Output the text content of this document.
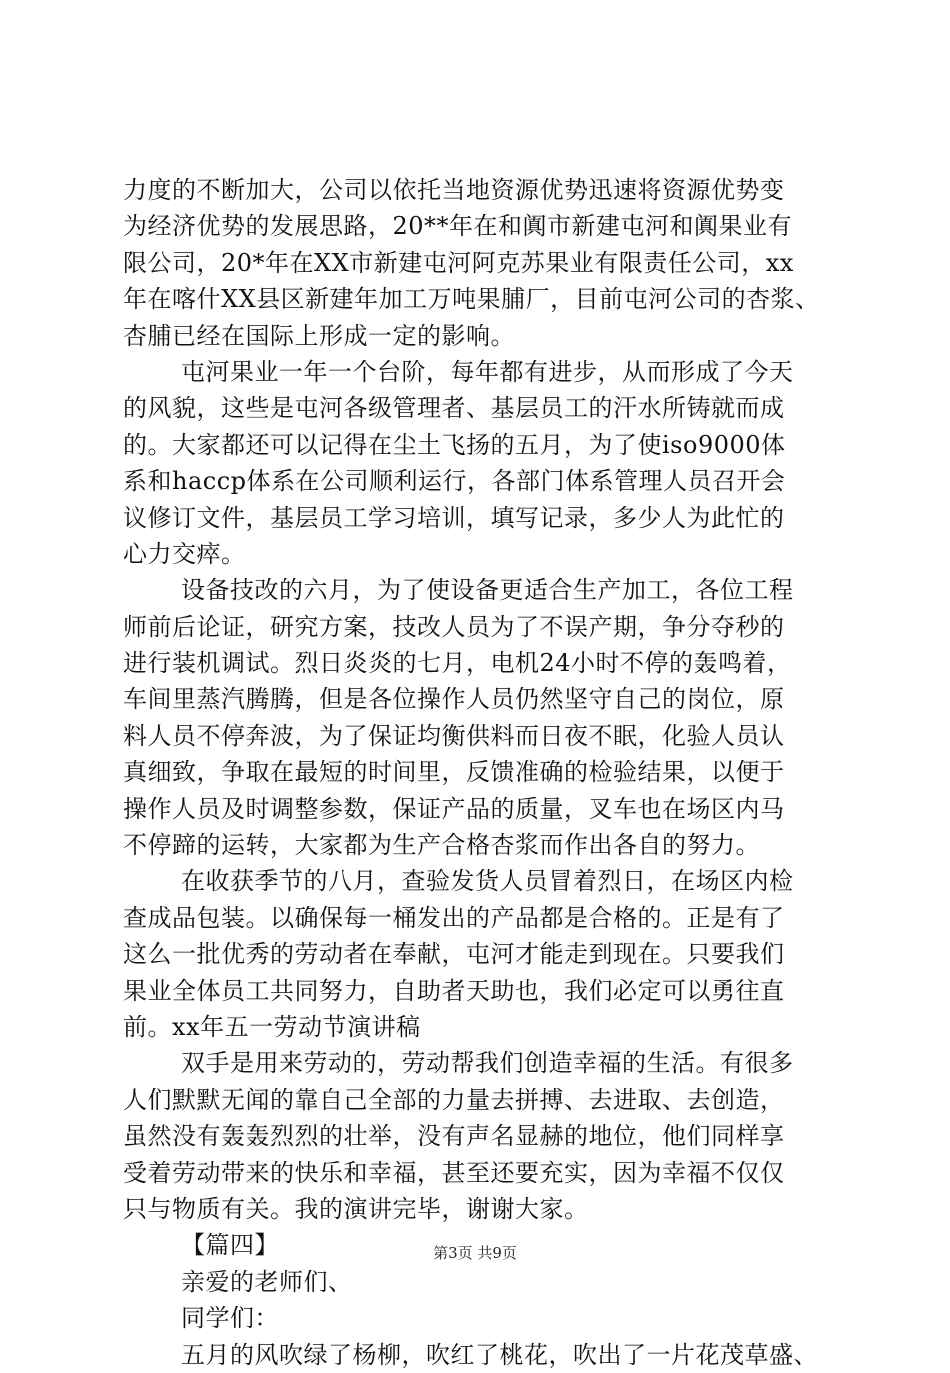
力度的不断加大，公司以依托当地资源优势迅速将资源优势变
为经济优势的发展思路，20**年在和阗市新建屯河和阗果业有
限公司，20*年在XX市新建屯河阿克苏果业有限责任公司，xx
年在喀什XX县区新建年加工万吨果脯厂，目前屯河公司的杏浆、
杏脯已经在国际上形成一定的影响。
屯河果业一年一个台阶，每年都有进步，从而形成了今天
的风貌，这些是屯河各级管理者、基层员工的汗水所铸就而成
的。大家都还可以记得在尘土飞扬的五月，为了使iso9000体
系和haccp体系在公司顺利运行，各部门体系管理人员召开会
议修订文件，基层员工学习培训，填写记录，多少人为此忙的
心力交瘁。
设备技改的六月，为了使设备更适合生产加工，各位工程
师前后论证，研究方案，技改人员为了不误产期，争分夺秒的
进行装机调试。烈日炎炎的七月，电机24小时不停的轰鸣着，
车间里蒸汽腾腾，但是各位操作人员仍然坚守自己的岗位，原
料人员不停奔波，为了保证均衡供料而日夜不眠，化验人员认
真细致，争取在最短的时间里，反馈准确的检验结果，以便于
操作人员及时调整参数，保证产品的质量，叉车也在场区内马
不停蹄的运转，大家都为生产合格杏浆而作出各自的努力。
在收获季节的八月，查验发货人员冒着烈日，在场区内检
查成品包装。以确保每一桶发出的产品都是合格的。正是有了
这么一批优秀的劳动者在奉献，屯河才能走到现在。只要我们
果业全体员工共同努力，自助者天助也，我们必定可以勇往直
前。xx年五一劳动节演讲稿
双手是用来劳动的，劳动帮我们创造幸福的生活。有很多
人们默默无闻的靠自己全部的力量去拼搏、去进取、去创造，
虽然没有轰轰烈烈的壮举，没有声名显赫的地位，他们同样享
受着劳动带来的快乐和幸福，甚至还要充实，因为幸福不仅仅
只与物质有关。我的演讲完毕，谢谢大家。
【篇四】
亲爱的老师们、
同学们：
五月的风吹绿了杨柳，吹红了桃花，吹出了一片花茂草盛、
第3页 共9页
